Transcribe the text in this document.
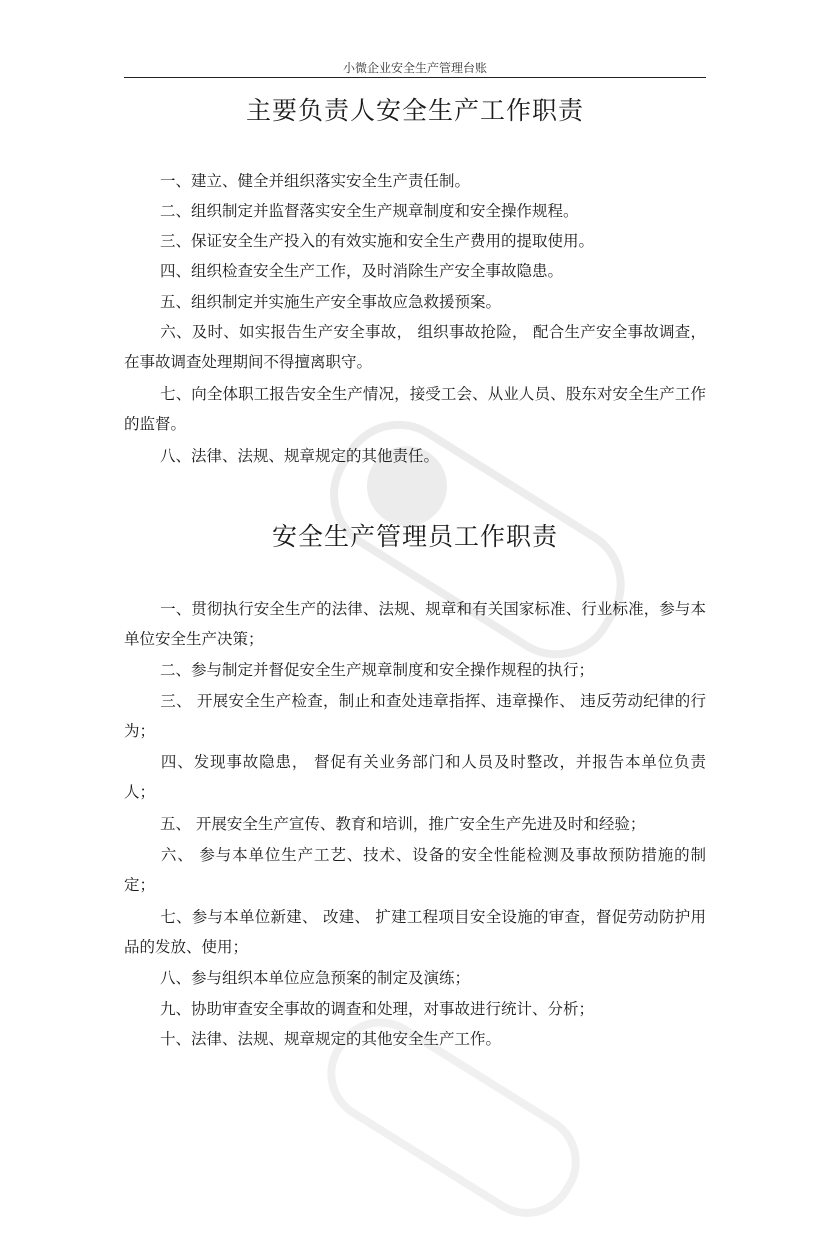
小微企业安全生产管理台账
主要负责人安全生产工作职责

一、建立、健全并组织落实安全生产责任制。

二、组织制定并监督落实安全生产规章制度和安全操作规程。

三、保证安全生产投入的有效实施和安全生产费用的提取使用。

四、组织检查安全生产工作，及时消除生产安全事故隐患。

五、组织制定并实施生产安全事故应急救援预案。

六、及时、如实报告生产安全事故， 组织事故抢险， 配合生产安全事故调查，在事故调查处理期间不得擅离职守。

七、向全体职工报告安全生产情况，接受工会、从业人员、股东对安全生产工作的监督。

八、法律、法规、规章规定的其他责任。

安全生产管理员工作职责

一、贯彻执行安全生产的法律、法规、规章和有关国家标准、行业标准，参与本单位安全生产决策；

二、参与制定并督促安全生产规章制度和安全操作规程的执行；

三、 开展安全生产检查，制止和查处违章指挥、违章操作、 违反劳动纪律的行为；

四、发现事故隐患， 督促有关业务部门和人员及时整改，并报告本单位负责人；

五、 开展安全生产宣传、教育和培训，推广安全生产先进及时和经验；

六、 参与本单位生产工艺、技术、设备的安全性能检测及事故预防措施的制定；

七、参与本单位新建、 改建、 扩建工程项目安全设施的审查，督促劳动防护用品的发放、使用；

八、参与组织本单位应急预案的制定及演练；

九、协助审查安全事故的调查和处理，对事故进行统计、分析；

十、法律、法规、规章规定的其他安全生产工作。
